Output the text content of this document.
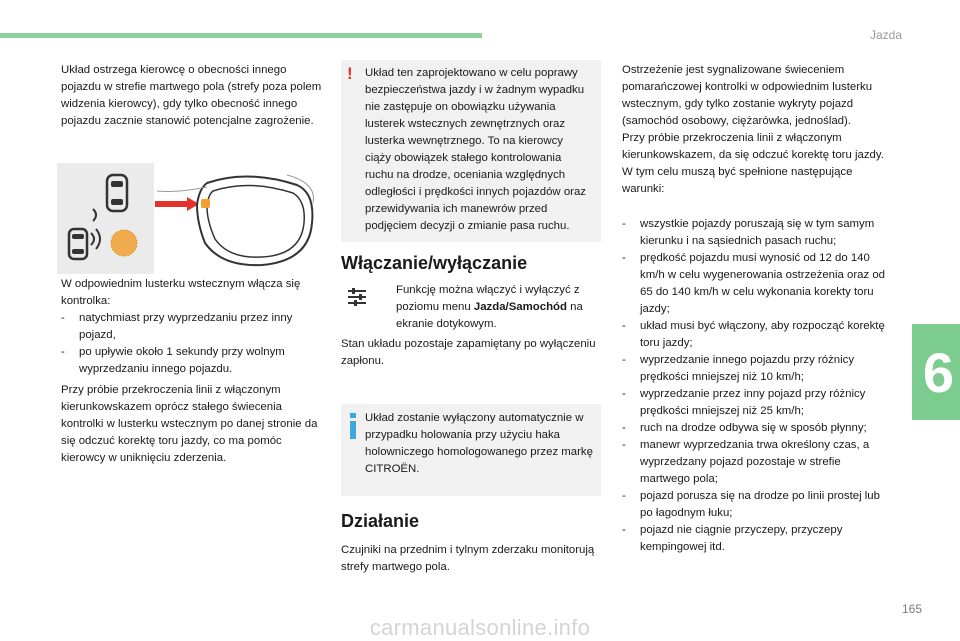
Jazda
6
165
carmanualsonline.info

Układ ostrzega kierowcę o obecności innego pojazdu w strefie martwego pola (strefy poza polem widzenia kierowcy), gdy tylko obecność innego pojazdu zacznie stanowić potencjalne zagrożenie.

W odpowiednim lusterku wstecznym włącza się kontrolka:

- natychmiast przy wyprzedzaniu przez inny pojazd,
- po upływie około 1 sekundy przy wolnym wyprzedzaniu innego pojazdu.

Przy próbie przekroczenia linii z włączonym kierunkowskazem oprócz stałego świecenia kontrolki w lusterku wstecznym po danej stronie da się odczuć korektę toru jazdy, co ma pomóc kierowcy w uniknięciu zderzenia.

! Układ ten zaprojektowano w celu poprawy bezpieczeństwa jazdy i w żadnym wypadku nie zastępuje on obowiązku używania lusterek wstecznych zewnętrznych oraz lusterka wewnętrznego. To na kierowcy ciąży obowiązek stałego kontrolowania ruchu na drodze, oceniania względnych odległości i prędkości innych pojazdów oraz przewidywania ich manewrów przed podjęciem decyzji o zmianie pasa ruchu.

Włączanie/wyłączanie

Funkcję można włączyć i wyłączyć z poziomu menu Jazda/Samochód na ekranie dotykowym.

Stan układu pozostaje zapamiętany po wyłączeniu zapłonu.

Układ zostanie wyłączony automatycznie w przypadku holowania przy użyciu haka holowniczego homologowanego przez markę CITROËN.

Działanie

Czujniki na przednim i tylnym zderzaku monitorują strefy martwego pola.

Ostrzeżenie jest sygnalizowane świeceniem pomarańczowej kontrolki w odpowiednim lusterku wstecznym, gdy tylko zostanie wykryty pojazd (samochód osobowy, ciężarówka, jednoślad).
Przy próbie przekroczenia linii z włączonym kierunkowskazem, da się odczuć korektę toru jazdy.
W tym celu muszą być spełnione następujące warunki:

- wszystkie pojazdy poruszają się w tym samym kierunku i na sąsiednich pasach ruchu;
- prędkość pojazdu musi wynosić od 12 do 140 km/h w celu wygenerowania ostrzeżenia oraz od 65 do 140 km/h w celu wykonania korekty toru jazdy;
- układ musi być włączony, aby rozpocząć korektę toru jazdy;
- wyprzedzanie innego pojazdu przy różnicy prędkości mniejszej niż 10 km/h;
- wyprzedzanie przez inny pojazd przy różnicy prędkości mniejszej niż 25 km/h;
- ruch na drodze odbywa się w sposób płynny;
- manewr wyprzedzania trwa określony czas, a wyprzedzany pojazd pozostaje w strefie martwego pola;
- pojazd porusza się na drodze po linii prostej lub po łagodnym łuku;
- pojazd nie ciągnie przyczepy, przyczepy kempingowej itd.
